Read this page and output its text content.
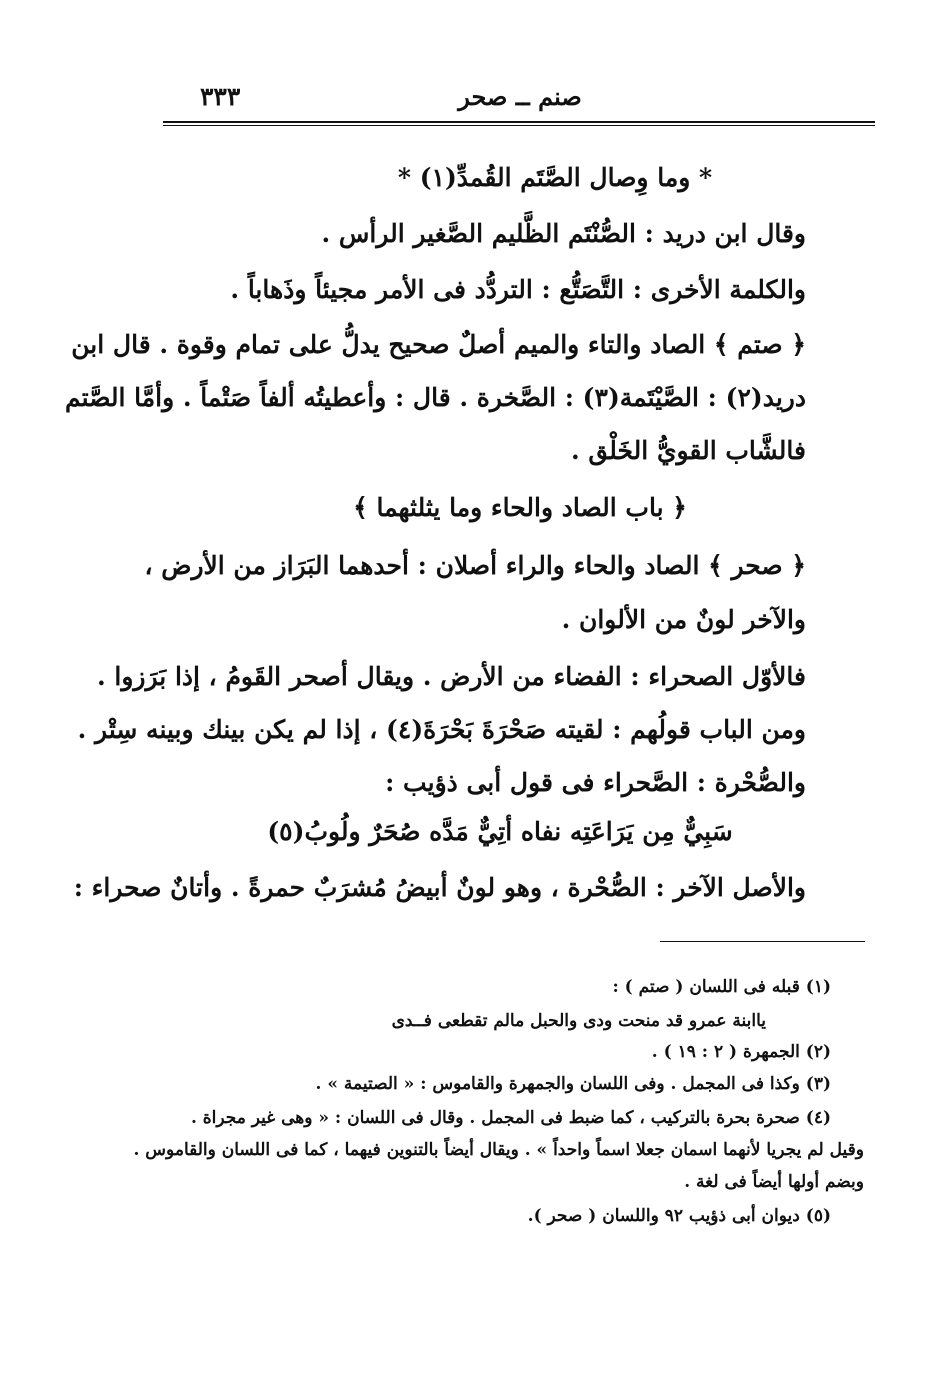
٣٣٣	صنم ــ صحر
* وما وِصال الصَّتَم القُمدِّ(١) *
وقال ابن دريد : الصُّنْتَم الظَّليم الصَّغير الرأس .
والكلمة الأخرى : التَّصَتُّع : التردُّد فى الأمر مجيئاً وذَهاباً .
﴿ صتم ﴾ الصاد والتاء والميم أصلٌ صحيح يدلُّ على تمام وقوة . قال ابن
دريد(٢) : الصَّيْتَمة(٣) : الصَّخرة . قال : وأعطيتُه ألفاً صَتْماً . وأمَّا الصَّتم
فالشَّاب القويُّ الخَلْق .
﴿ باب الصاد والحاء وما يثلثهما ﴾
﴿ صحر ﴾ الصاد والحاء والراء أصلان : أحدهما البَرَاز من الأرض ،
والآخر لونٌ من الألوان .
فالأوّل الصحراء : الفضاء من الأرض . ويقال أصحر القَومُ ، إذا بَرَزوا .
ومن الباب قولُهم : لقيته صَحْرَةَ بَحْرَةَ(٤) ، إذا لم يكن بينك وبينه سِتْر .
والصُّحْرة : الصَّحراء فى قول أبى ذؤيب :
سَبِيٌّ مِن يَرَاعَتِه نفاه أتِيٌّ مَدَّه صُحَرٌ ولُوبُ(٥)
والأصل الآخر : الصُّحْرة ، وهو لونٌ أبيضُ مُشرَبٌ حمرةً . وأتانٌ صحراء :
(١) قبله فى اللسان ( صتم ) :
ياابنة عمرو قد منحت ودى والحبل مالم تقطعى فــدى
(٢) الجمهرة ( ٢ : ١٩ ) .
(٣) وكذا فى المجمل . وفى اللسان والجمهرة والقاموس : « الصتيمة » .
(٤) صحرة بحرة بالتركيب ، كما ضبط فى المجمل . وقال فى اللسان : « وهى غير مجراة .
وقيل لم يجريا لأنهما اسمان جعلا اسماً واحداً » . ويقال أيضاً بالتنوين فيهما ، كما فى اللسان والقاموس .
وبضم أولها أيضاً فى لغة .
(٥) ديوان أبى ذؤيب ٩٢ واللسان ( صحر ).
